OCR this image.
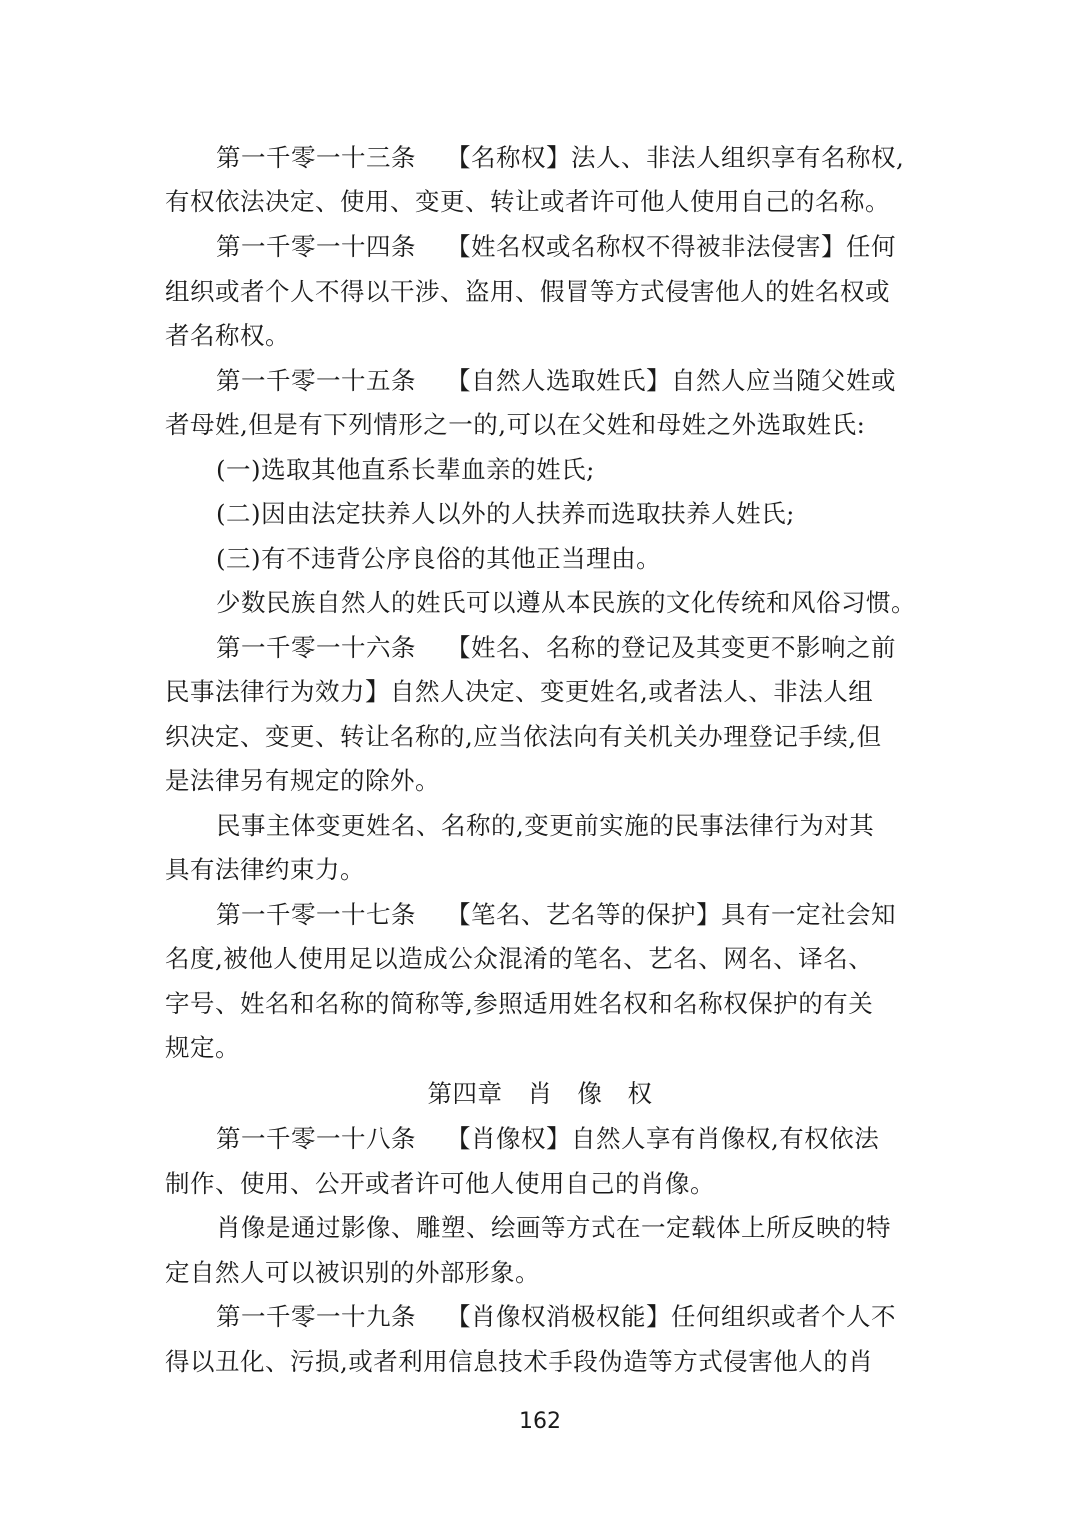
第一千零一十三条 【名称权】法人、非法人组织享有名称权,
有权依法决定、使用、变更、转让或者许可他人使用自己的名称。
第一千零一十四条 【姓名权或名称权不得被非法侵害】任何
组织或者个人不得以干涉、盗用、假冒等方式侵害他人的姓名权或
者名称权。
第一千零一十五条 【自然人选取姓氏】自然人应当随父姓或
者母姓,但是有下列情形之一的,可以在父姓和母姓之外选取姓氏:
(一)选取其他直系长辈血亲的姓氏;
(二)因由法定扶养人以外的人扶养而选取扶养人姓氏;
(三)有不违背公序良俗的其他正当理由。
少数民族自然人的姓氏可以遵从本民族的文化传统和风俗习惯。
第一千零一十六条 【姓名、名称的登记及其变更不影响之前
民事法律行为效力】自然人决定、变更姓名,或者法人、非法人组
织决定、变更、转让名称的,应当依法向有关机关办理登记手续,但
是法律另有规定的除外。
民事主体变更姓名、名称的,变更前实施的民事法律行为对其
具有法律约束力。
第一千零一十七条 【笔名、艺名等的保护】具有一定社会知
名度,被他人使用足以造成公众混淆的笔名、艺名、网名、译名、
字号、姓名和名称的简称等,参照适用姓名权和名称权保护的有关
规定。
第四章　肖　像　权
第一千零一十八条 【肖像权】自然人享有肖像权,有权依法
制作、使用、公开或者许可他人使用自己的肖像。
肖像是通过影像、雕塑、绘画等方式在一定载体上所反映的特
定自然人可以被识别的外部形象。
第一千零一十九条 【肖像权消极权能】任何组织或者个人不
得以丑化、污损,或者利用信息技术手段伪造等方式侵害他人的肖
162
